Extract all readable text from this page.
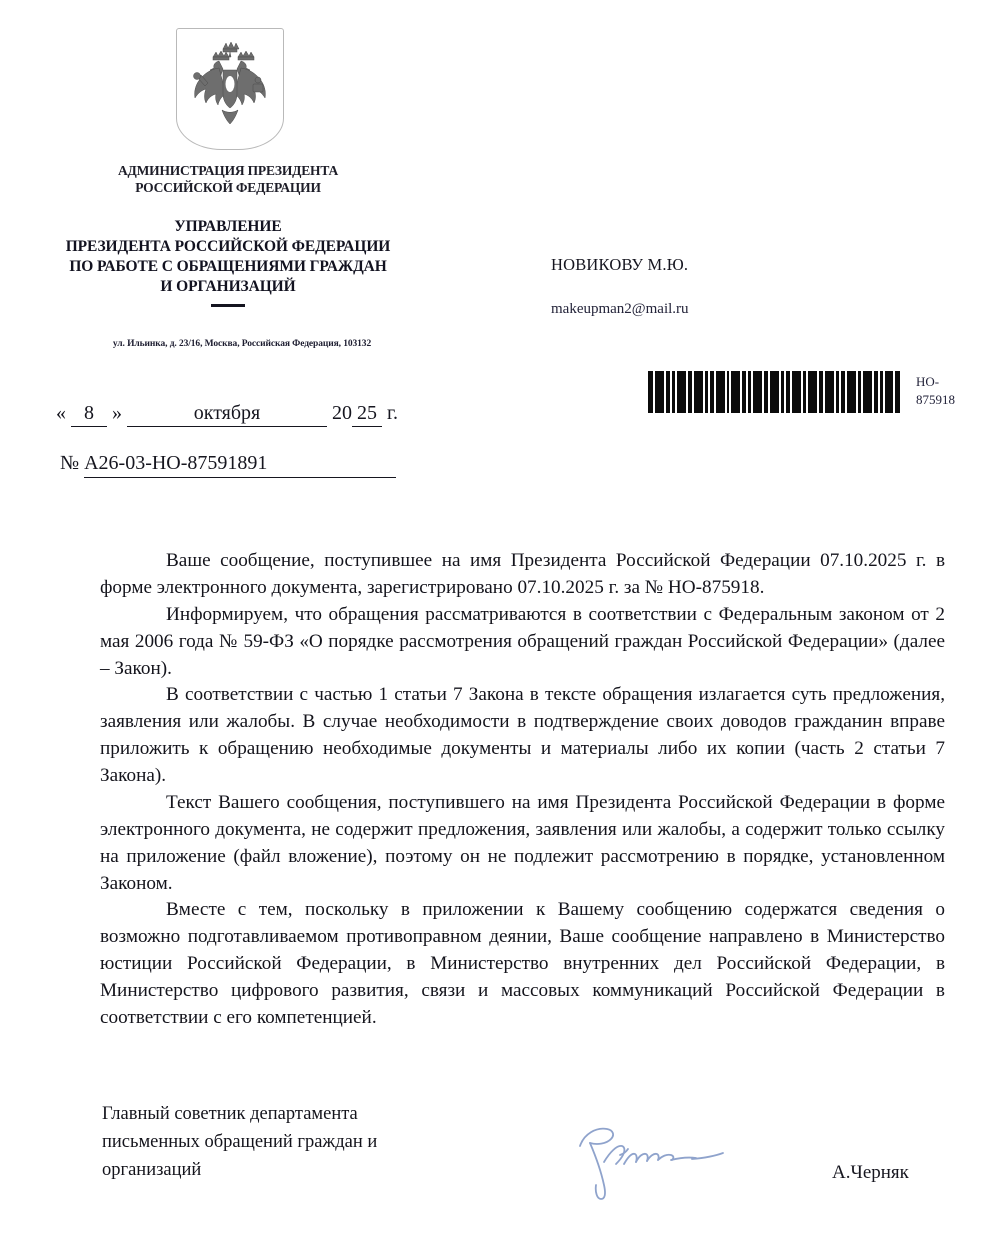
АДМИНИСТРАЦИЯ ПРЕЗИДЕНТА
РОССИЙСКОЙ ФЕДЕРАЦИИ
УПРАВЛЕНИЕ
ПРЕЗИДЕНТА РОССИЙСКОЙ ФЕДЕРАЦИИ
ПО РАБОТЕ С ОБРАЩЕНИЯМИ ГРАЖДАН
И ОРГАНИЗАЦИЙ
ул. Ильинка, д. 23/16, Москва, Российская Федерация, 103132
НОВИКОВУ М.Ю.
makeupman2@mail.ru
НО-
875918
« 8 »	октября	20 25 г.
№ А26-03-НО-87591891

Ваше сообщение, поступившее на имя Президента Российской Федерации 07.10.2025 г. в форме электронного документа, зарегистрировано 07.10.2025 г. за № НО-875918.

Информируем, что обращения рассматриваются в соответствии с Федеральным законом от 2 мая 2006 года № 59-ФЗ «О порядке рассмотрения обращений граждан Российской Федерации» (далее – Закон).

В соответствии с частью 1 статьи 7 Закона в тексте обращения излагается суть предложения, заявления или жалобы. В случае необходимости в подтверждение своих доводов гражданин вправе приложить к обращению необходимые документы и материалы либо их копии (часть 2 статьи 7 Закона).

Текст Вашего сообщения, поступившего на имя Президента Российской Федерации в форме электронного документа, не содержит предложения, заявления или жалобы, а содержит только ссылку на приложение (файл вложение), поэтому он не подлежит рассмотрению в порядке, установленном Законом.

Вместе с тем, поскольку в приложении к Вашему сообщению содержатся сведения о возможно подготавливаемом противоправном деянии, Ваше сообщение направлено в Министерство юстиции Российской Федерации, в Министерство внутренних дел Российской Федерации, в Министерство цифрового развития, связи и массовых коммуникаций Российской Федерации в соответствии с его компетенцией.

Главный советник департамента
письменных обращений граждан и
организаций	А.Черняк
